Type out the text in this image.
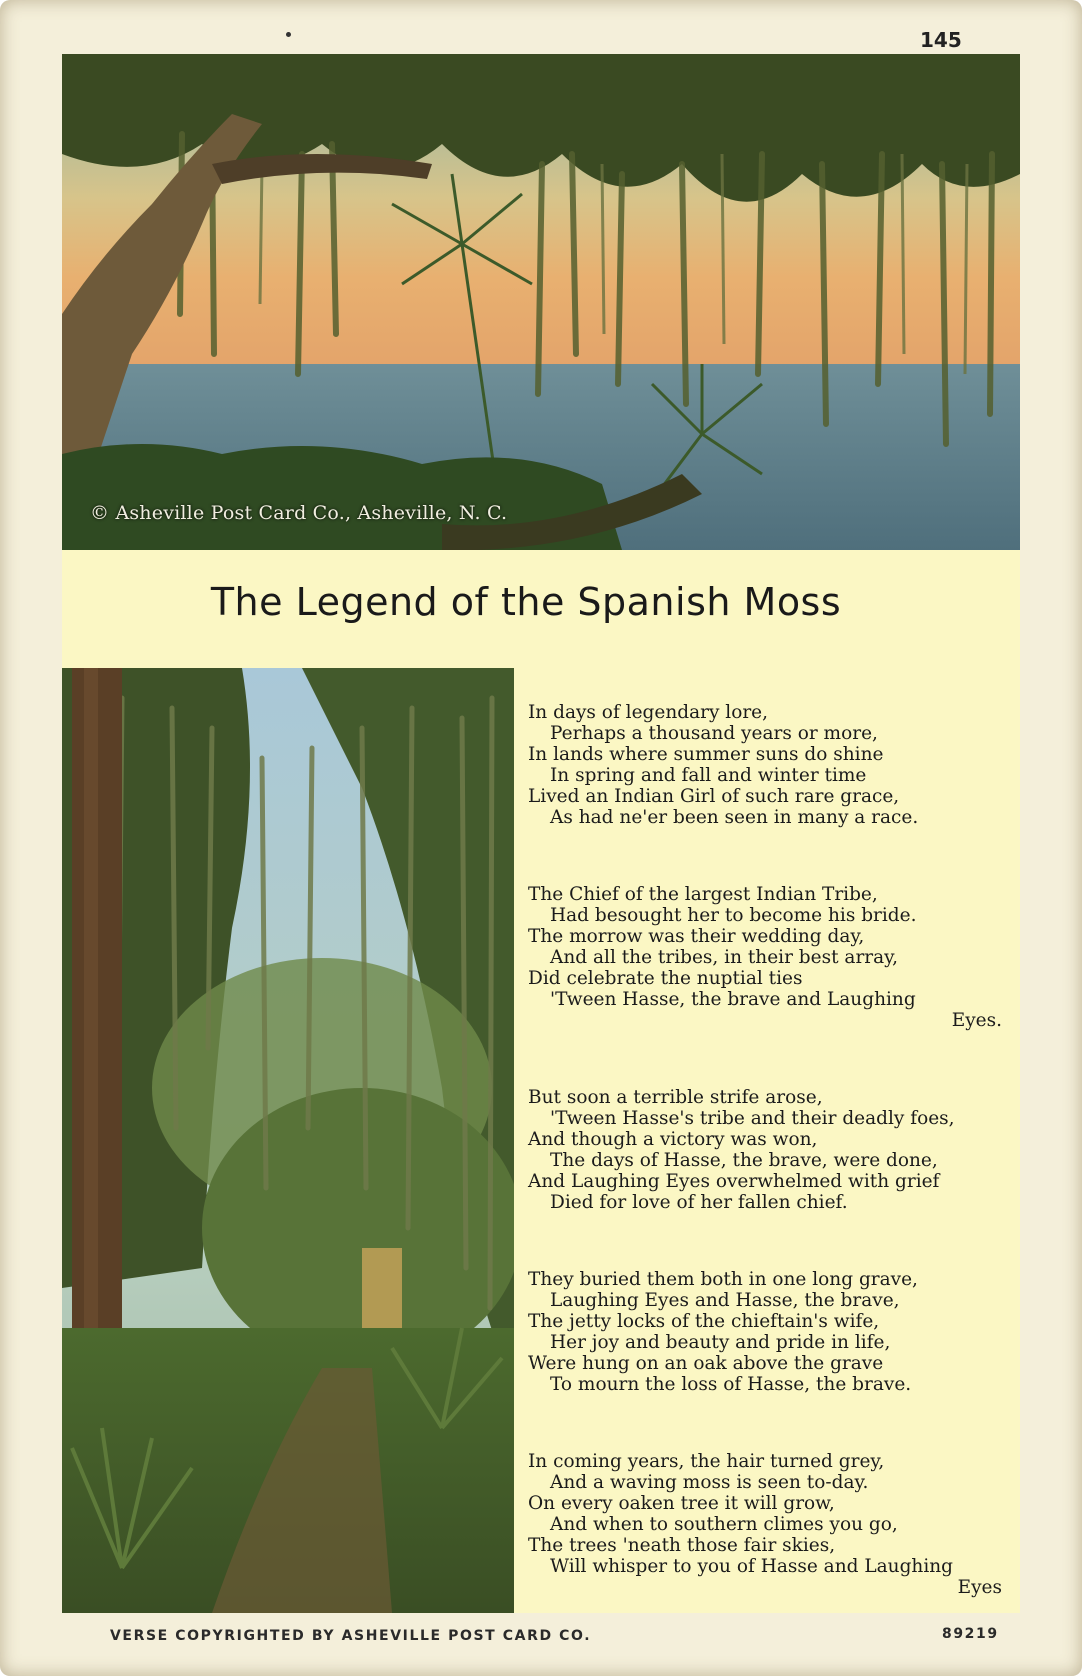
145
© Asheville Post Card Co., Asheville, N. C.
The Legend of the Spanish Moss
In days of legendary lore,
Perhaps a thousand years or more,
In lands where summer suns do shine
In spring and fall and winter time
Lived an Indian Girl of such rare grace,
As had ne'er been seen in many a race.
The Chief of the largest Indian Tribe,
Had besought her to become his bride.
The morrow was their wedding day,
And all the tribes, in their best array,
Did celebrate the nuptial ties
'Tween Hasse, the brave and Laughing
Eyes.
But soon a terrible strife arose,
'Tween Hasse's tribe and their deadly foes,
And though a victory was won,
The days of Hasse, the brave, were done,
And Laughing Eyes overwhelmed with grief
Died for love of her fallen chief.
They buried them both in one long grave,
Laughing Eyes and Hasse, the brave,
The jetty locks of the chieftain's wife,
Her joy and beauty and pride in life,
Were hung on an oak above the grave
To mourn the loss of Hasse, the brave.
In coming years, the hair turned grey,
And a waving moss is seen to-day.
On every oaken tree it will grow,
And when to southern climes you go,
The trees 'neath those fair skies,
Will whisper to you of Hasse and Laughing
Eyes
VERSE COPYRIGHTED BY ASHEVILLE POST CARD CO.	89219
